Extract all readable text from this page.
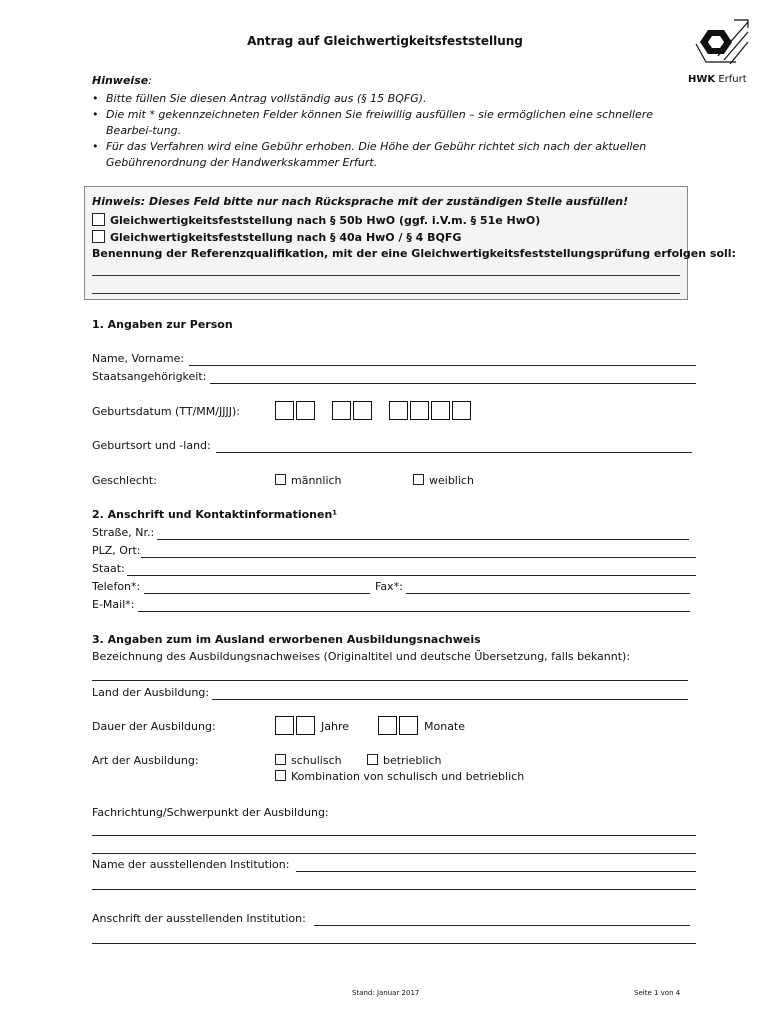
Antrag auf Gleichwertigkeitsfeststellung
HWK Erfurt
Hinweise:
• Bitte füllen Sie diesen Antrag vollständig aus (§ 15 BQFG).
• Die mit * gekennzeichneten Felder können Sie freiwillig ausfüllen – sie ermöglichen eine schnellere Bearbei-tung.
• Für das Verfahren wird eine Gebühr erhoben. Die Höhe der Gebühr richtet sich nach der aktuellen Gebührenordnung der Handwerkskammer Erfurt.
Hinweis: Dieses Feld bitte nur nach Rücksprache mit der zuständigen Stelle ausfüllen!
Gleichwertigkeitsfeststellung nach § 50b HwO (ggf. i.V.m. § 51e HwO)
Gleichwertigkeitsfeststellung nach § 40a HwO / § 4 BQFG
Benennung der Referenzqualifikation, mit der eine Gleichwertigkeitsfeststellungsprüfung erfolgen soll:
1. Angaben zur Person
Name, Vorname:
Staatsangehörigkeit:
Geburtsdatum (TT/MM/JJJJ):

Geburtsort und -land:
Geschlecht:	männlich	weiblich
2. Anschrift und Kontaktinformationen¹
Straße, Nr.:
PLZ, Ort:
Staat:
Telefon*:	Fax*:
E-Mail*:
3. Angaben zum im Ausland erworbenen Ausbildungsnachweis
Bezeichnung des Ausbildungsnachweises (Originaltitel und deutsche Übersetzung, falls bekannt):
Land der Ausbildung:
Dauer der Ausbildung:	Jahre	Monate
Art der Ausbildung:	schulisch	betrieblich
Kombination von schulisch und betrieblich
Fachrichtung/Schwerpunkt der Ausbildung:
Name der ausstellenden Institution:
Anschrift der ausstellenden Institution:
Stand: Januar 2017	Seite 1 von 4
